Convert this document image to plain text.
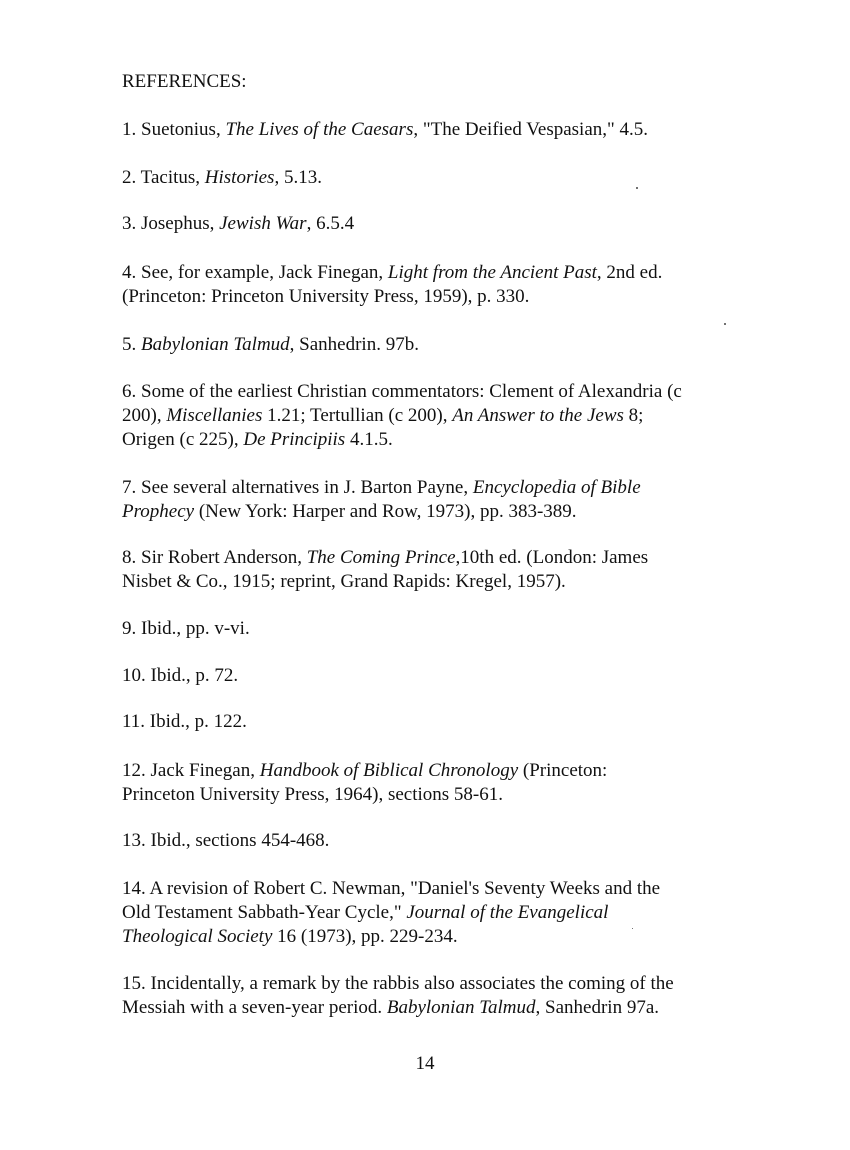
REFERENCES:
1. Suetonius, The Lives of the Caesars, "The Deified Vespasian," 4.5.
2. Tacitus, Histories, 5.13.
3. Josephus, Jewish War, 6.5.4
4. See, for example, Jack Finegan, Light from the Ancient Past, 2nd ed.
(Princeton: Princeton University Press, 1959), p. 330.
5. Babylonian Talmud, Sanhedrin. 97b.
6. Some of the earliest Christian commentators: Clement of Alexandria (c
200), Miscellanies 1.21; Tertullian (c 200), An Answer to the Jews 8;
Origen (c 225), De Principiis 4.1.5.
7. See several alternatives in J. Barton Payne, Encyclopedia of Bible
Prophecy (New York: Harper and Row, 1973), pp. 383-389.
8. Sir Robert Anderson, The Coming Prince,10th ed. (London: James
Nisbet & Co., 1915; reprint, Grand Rapids: Kregel, 1957).
9. Ibid., pp. v-vi.
10. Ibid., p. 72.
11. Ibid., p. 122.
12. Jack Finegan, Handbook of Biblical Chronology (Princeton:
Princeton University Press, 1964), sections 58-61.
13. Ibid., sections 454-468.
14. A revision of Robert C. Newman, "Daniel's Seventy Weeks and the
Old Testament Sabbath-Year Cycle," Journal of the Evangelical
Theological Society 16 (1973), pp. 229-234.
15. Incidentally, a remark by the rabbis also associates the coming of the
Messiah with a seven-year period. Babylonian Talmud, Sanhedrin 97a.
14
